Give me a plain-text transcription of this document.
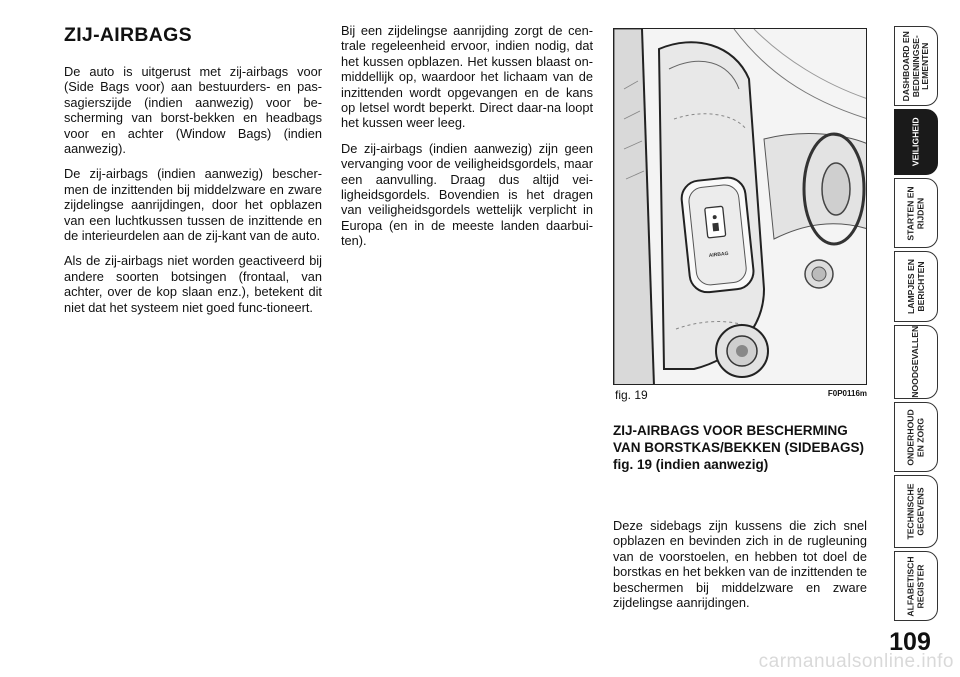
ZIJ-AIRBAGS

De auto is uitgerust met zij-airbags voor (Side Bags voor) aan bestuurders- en pas-sagierszijde (indien aanwezig) voor be-scherming van borst-bekken en headbags voor en achter (Window Bags) (indien aanwezig).

De zij-airbags (indien aanwezig) bescher-men de inzittenden bij middelzware en zware zijdelingse aanrijdingen, door het opblazen van een luchtkussen tussen de inzittende en de interieurdelen aan de zij-kant van de auto.

Als de zij-airbags niet worden geactiveerd bij andere soorten botsingen (frontaal, van achter, over de kop slaan enz.), betekent dit niet dat het systeem niet goed func-tioneert.

Bij een zijdelingse aanrijding zorgt de cen-trale regeleenheid ervoor, indien nodig, dat het kussen opblazen. Het kussen blaast on-middellijk op, waardoor het lichaam van de inzittenden wordt opgevangen en de kans op letsel wordt beperkt. Direct daar-na loopt het kussen weer leeg.

De zij-airbags (indien aanwezig) zijn geen vervanging voor de veiligheidsgordels, maar een aanvulling. Draag dus altijd vei-ligheidsgordels. Bovendien is het dragen van veiligheidsgordels wettelijk verplicht in Europa (en in de meeste landen daarbui-ten).

AIRBAG
fig. 19	F0P0116m
ZIJ-AIRBAGS VOOR BESCHERMING VAN BORSTKAS/BEKKEN (SIDEBAGS) fig. 19 (indien aanwezig)

Deze sidebags zijn kussens die zich snel opblazen en bevinden zich in de rugleuning van de voorstoelen, en hebben tot doel de borstkas en het bekken van de inzittenden te beschermen bij middelzware en zware zijdelingse aanrijdingen.

DASHBOARD EN
BEDIENINGSE-
LEMENTEN
VEILIGHEID
STARTEN EN
RIJDEN
LAMPJES EN
BERICHTEN
NOODGEVALLEN
ONDERHOUD
EN ZORG
TECHNISCHE
GEGEVENS
ALFABETISCH
REGISTER
109
carmanualsonline.info
